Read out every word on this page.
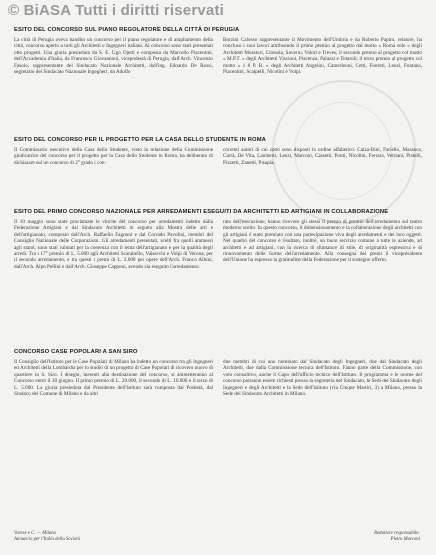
© BiASA Tutti i diritti riservati
ESITO DEL CONCORSO SUL PIANO REGOLATORE DELLA CITTÀ DI PERUGIA
La città di Perugia aveva bandito un concorso per il piano regolatore e di ampliamento della città, concorso aperto a tutti gli Architetti e Ingegneri italiani. Al concorso sono stati presentati otto progetti. Una giuria presieduta da S. E. Ugo Ojetti e composta da Marcello Piacentini, dell'Accademia d'Italia, da Francesco Giovannoni, vicepodestà di Perugia, dall'Arch. Vincenzo Fasolo, rappresentante del Sindacato Nazionale Architetti, dall'ing. Edoardo De Rossi, segretario del Sindacato Nazionale Ingegneri, da Adolfo
Borzini Calosso rappresentante il Movimento dell'Umbria e da Roberto Papini, relatore, ha concluso i suoi lavori attribuendo il primo premio al progetto dal motto « Roma sole » degli Architetti Muratori, Ciresola, Saverio, Valori e Treves; il secondo premio al progetto col motto « M.P.T. » degli Architetti Viscioni, Piacenza, Palazzi e Totaroli; il terzo premio al progetto col motto « 1 8 P. R. » degli Architetti Angelini, Camerleoni, Cetti, Fioretti, Lenzi, Fontana, Piacentini, Scalpelli, Nicolini e Volpi.
ESITO DEL CONCORSO PER IL PROGETTO PER LA CASA DELLO STUDENTE IN ROMA
Il Commissario esecutivo della Casa dello Studente, visto la relazione della Commissione giudicatrice del concorso per il progetto per la Casa dello Studente in Roma, ha deliberato di dichiarare sul un concorso di 2° grado i con-
correnti autori di cui sotto sono disposti in ordine alfabetico: Calza-Bini, Fariello, Maranca, Carrà, De Vita, Lamberti, Lenzi, Marconi, Cassetti, Ponti, Nicolini, Ferrara, Vetriani, Pistelli, Pizzetti, Zanetti, Pisapia.
ESITO DEL PRIMO CONCORSO NAZIONALE PER ARREDAMENTI ESEGUITI DA ARCHITETTI ED ARTIGIANI IN COLLABORAZIONE
Il 10 maggio sono state proclamate le vincite del concorso per arredamenti indetto dalla Federazione Artigiani e dal Sindacato Architetti in seguito alla Mostra delle arti e dell'artigianato, composto dall'Arch. Raffaello Fagnoni e dal Corrado Pavolini, membri del Consiglio Nazionale delle Corporazioni. Gli arredamenti presentati, scelti fra quelli ammessi agli stand, sono stati valutati per la coerenza con il tema dell'artigianato e per la qualità degli arredi. Tra i 17° premio di L. 5.000 agli Architetti Scarabello, Valsecchi e Volpi di Verona, per il secondo arredamento, e tra questi i premi di L. 2.000 per opere dell'Arch. Franco Albini, dall'Arch. Alpo Pellini e dall'Arch. Giuseppe Capponi, avendo sia eseguito l'arredamento.
rato dell'esecuzione, hanno ricevuto gli stessi il prezzo di premio dell'arredamento sul teatro moderno scelto. In questo concorso, il dimensionamento e la collaborazione degli architetti con gli artigiani è stato premiato con una partecipazione viva degli arredamenti e dei loro oggetti. Nel quadro del concorso è risultato, inoltre, un buon servizio comune a tutte le aziende, ad architetti e ad artigiani, con la ricerca di sfumature di stile, di originalità espressiva e di rinnovamento delle forme dell'arredamento. Alla consegna dei premi il vicepresidente dell'Unione ha espresso la gratitudine della Federazione per il sostegno offerto.
CONCORSO CASE POPOLARI A SAN SIRO
Il Consiglio dell'Istituto per le Case Popolari di Milano ha indetto un concorso tra gli Ingegneri ed Architetti della Lombardia per lo studio di un progetto di Case Popolari di ricovero nuovo di quartiere in S. Siro. I disegni, inerenti alla destinazione del concorso, si ammetteranno al Concorso entro il 30 giugno. Il primo premio di L. 20.000, il secondo di L. 10.000 e il terzo di L. 5.000. La giuria presieduta dal Presidente dell'Istituto sarà composta dal Podestà, dal Sindaco del Comune di Milano e da altri
due membri di cui uno nominato dal Sindacato degli Ingegneri, due dal Sindacato degli Architetti, due dalla Commissione tecnica dell'Istituto. Fanno parte della Commissione, con voto consultivo, anche il Capo dell'ufficio tecnico dell'Istituto. Il programma e le norme del concorso potranno essere richiesti presso la segreteria del Sindacato, le Sedi del Sindacato degli Ingegneri e degli Architetti e la Sede dell'Istituto (via Cinque Martiri, 3) a Milano, presso la Sede del Sindacato Architetti in Milano.
Varese e C. — Milano
Annuncio per l'Italia della Società
Redattore responsabile:
Pietro Marconi
